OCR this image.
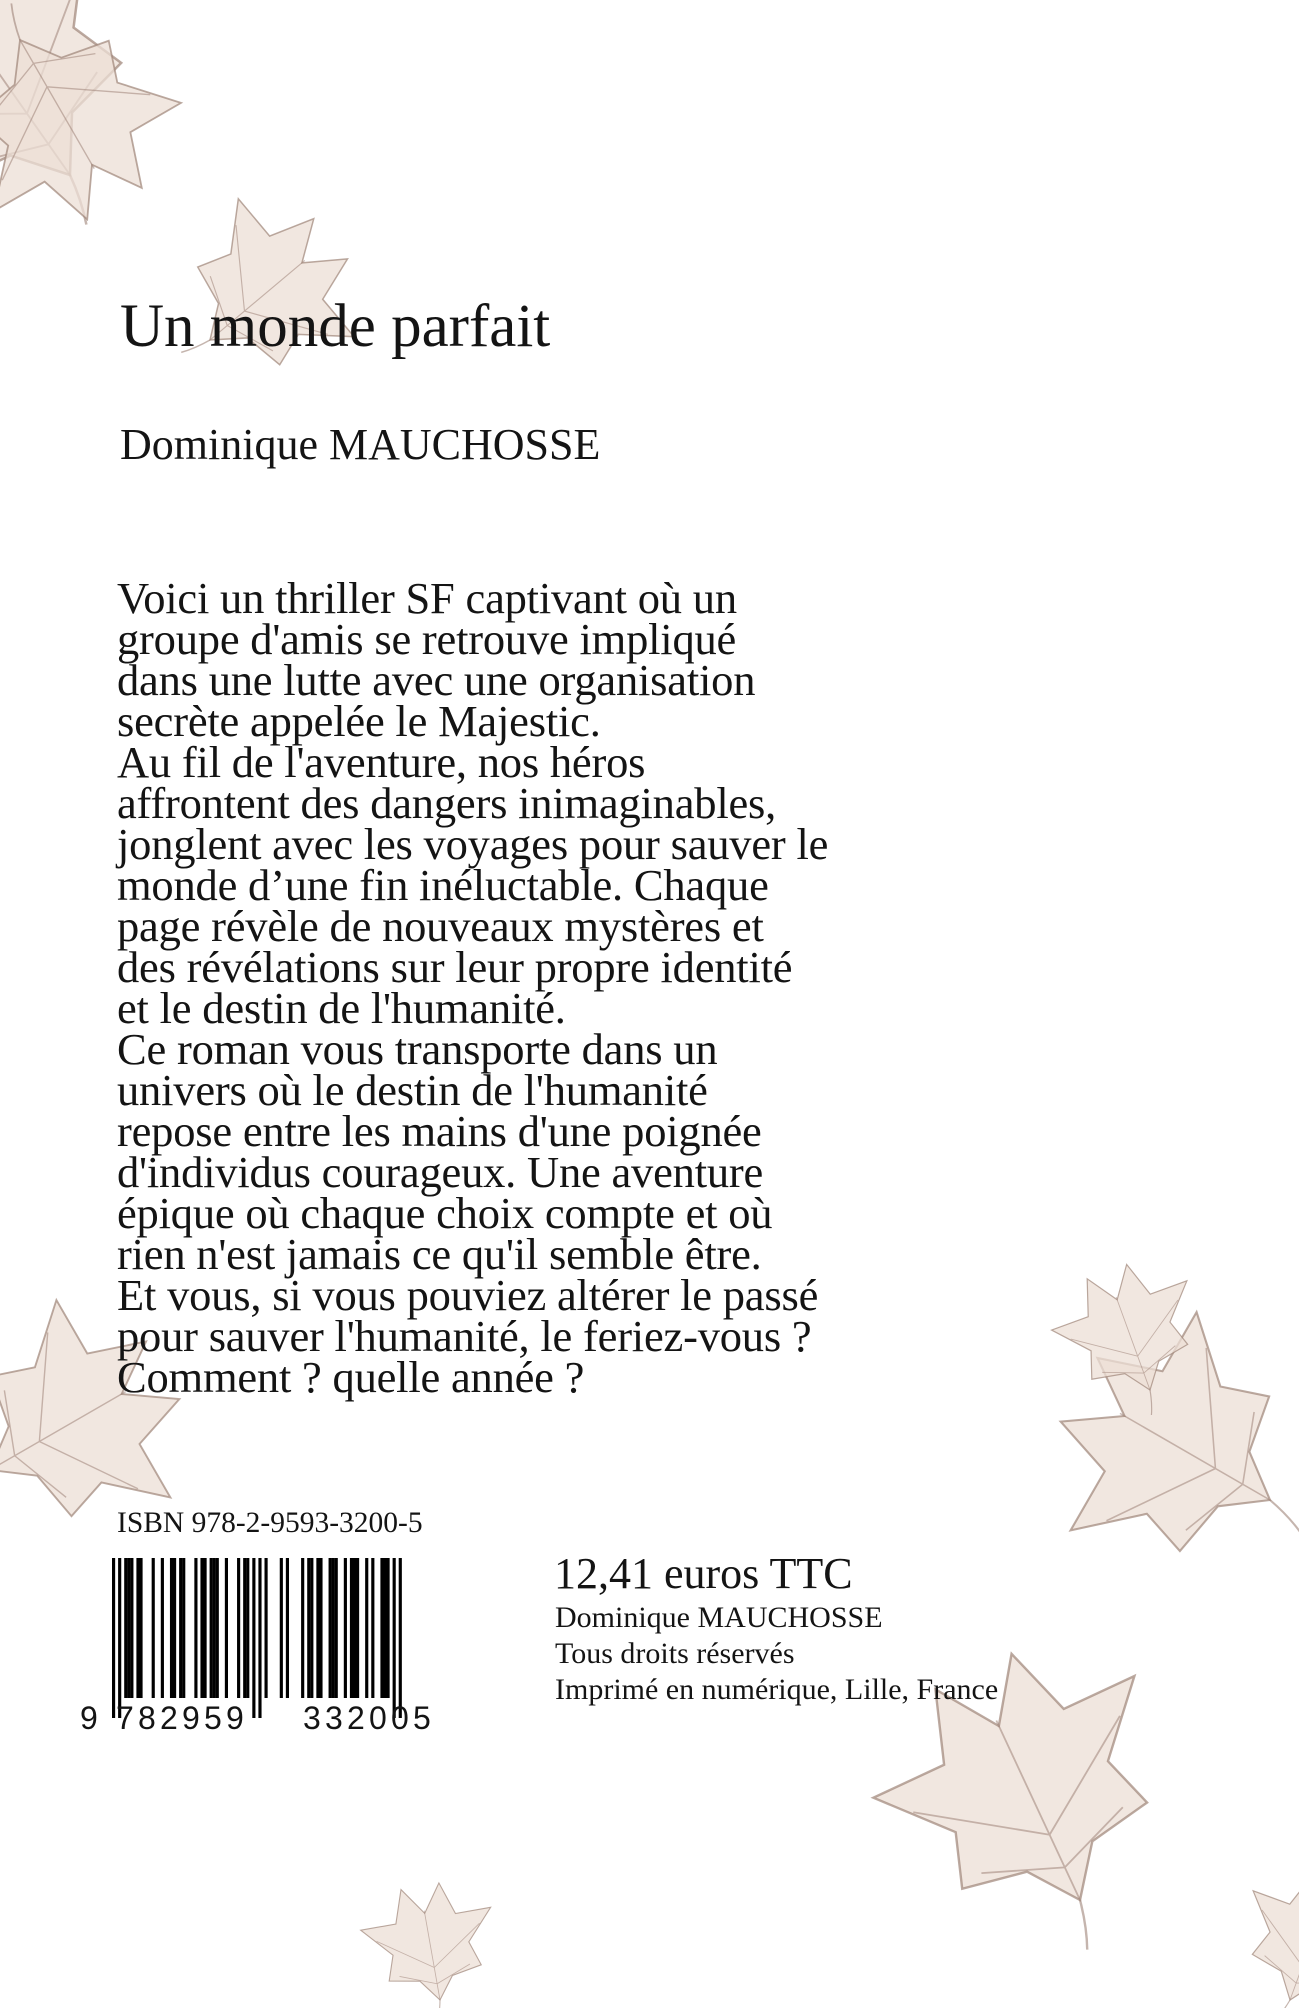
Un monde parfait
Dominique MAUCHOSSE

Voici un thriller SF captivant où un
groupe d'amis se retrouve impliqué
dans une lutte avec une organisation
secrète appelée le Majestic.

Au fil de l'aventure, nos héros
affrontent des dangers inimaginables,
jonglent avec les voyages pour sauver le
monde d’une fin inéluctable. Chaque
page révèle de nouveaux mystères et
des révélations sur leur propre identité
et le destin de l'humanité.

Ce roman vous transporte dans un
univers où le destin de l'humanité
repose entre les mains d'une poignée
d'individus courageux. Une aventure
épique où chaque choix compte et où
rien n'est jamais ce qu'il semble être.

Et vous, si vous pouviez altérer le passé
pour sauver l'humanité, le feriez-vous ?
Comment ? quelle année ?

ISBN 978-2-9593-3200-5
9 782959 332005
12,41 euros TTC
Dominique MAUCHOSSE
Tous droits réservés
Imprimé en numérique, Lille, France
